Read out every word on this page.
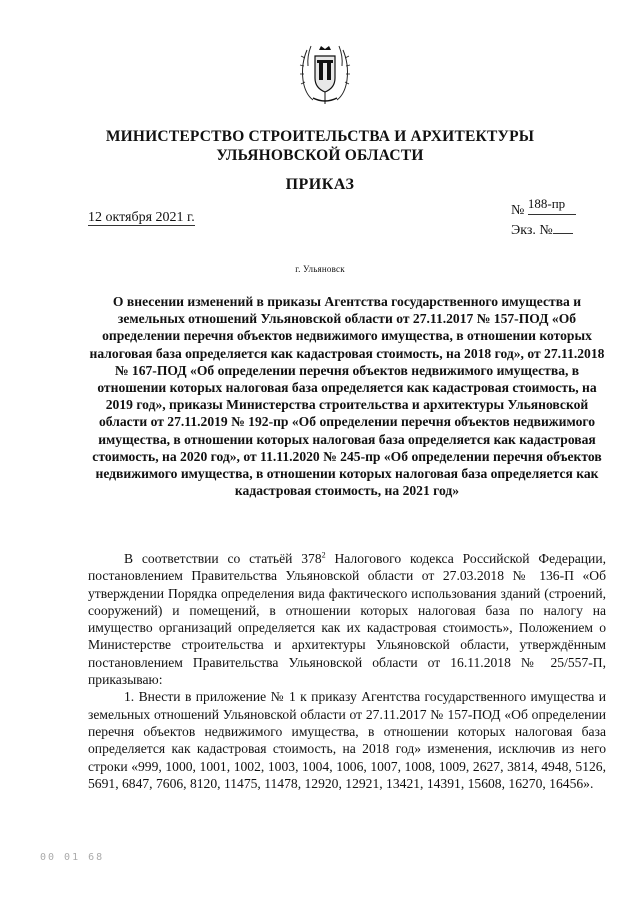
МИНИСТЕРСТВО СТРОИТЕЛЬСТВА И АРХИТЕКТУРЫ
УЛЬЯНОВСКОЙ ОБЛАСТИ
ПРИКАЗ
12 октября 2021 г.	№ 188-пр
Экз. №
г. Ульяновск
О внесении изменений в приказы Агентства государственного имущества и земельных отношений Ульяновской области от 27.11.2017 № 157-ПОД «Об определении перечня объектов недвижимого имущества, в отношении которых налоговая база определяется как кадастровая стоимость, на 2018 год», от 27.11.2018 № 167-ПОД «Об определении перечня объектов недвижимого имущества, в отношении которых налоговая база определяется как кадастровая стоимость, на 2019 год», приказы Министерства строительства и архитектуры Ульяновской области от 27.11.2019 № 192-пр «Об определении перечня объектов недвижимого имущества, в отношении которых налоговая база определяется как кадастровая стоимость, на 2020 год», от 11.11.2020 № 245-пр «Об определении перечня объектов недвижимого имущества, в отношении которых налоговая база определяется как кадастровая стоимость, на 2021 год»

В соответствии со статьёй $378^2$ Налогового кодекса Российской Федерации, постановлением Правительства Ульяновской области от 27.03.2018 № 136-П «Об утверждении Порядка определения вида фактического использования зданий (строений, сооружений) и помещений, в отношении которых налоговая база по налогу на имущество организаций определяется как их кадастровая стоимость», Положением о Министерстве строительства и архитектуры Ульяновской области, утверждённым постановлением Правительства Ульяновской области от 16.11.2018 № 25/557-П, приказываю:

1. Внести в приложение № 1 к приказу Агентства государственного имущества и земельных отношений Ульяновской области от 27.11.2017 № 157-ПОД «Об определении перечня объектов недвижимого имущества, в отношении которых налоговая база определяется как кадастровая стоимость, на 2018 год» изменения, исключив из него строки «999, 1000, 1001, 1002, 1003, 1004, 1006, 1007, 1008, 1009, 2627, 3814, 4948, 5126, 5691, 6847, 7606, 8120, 11475, 11478, 12920, 12921, 13421, 14391, 15608, 16270, 16456».

00 01 68
